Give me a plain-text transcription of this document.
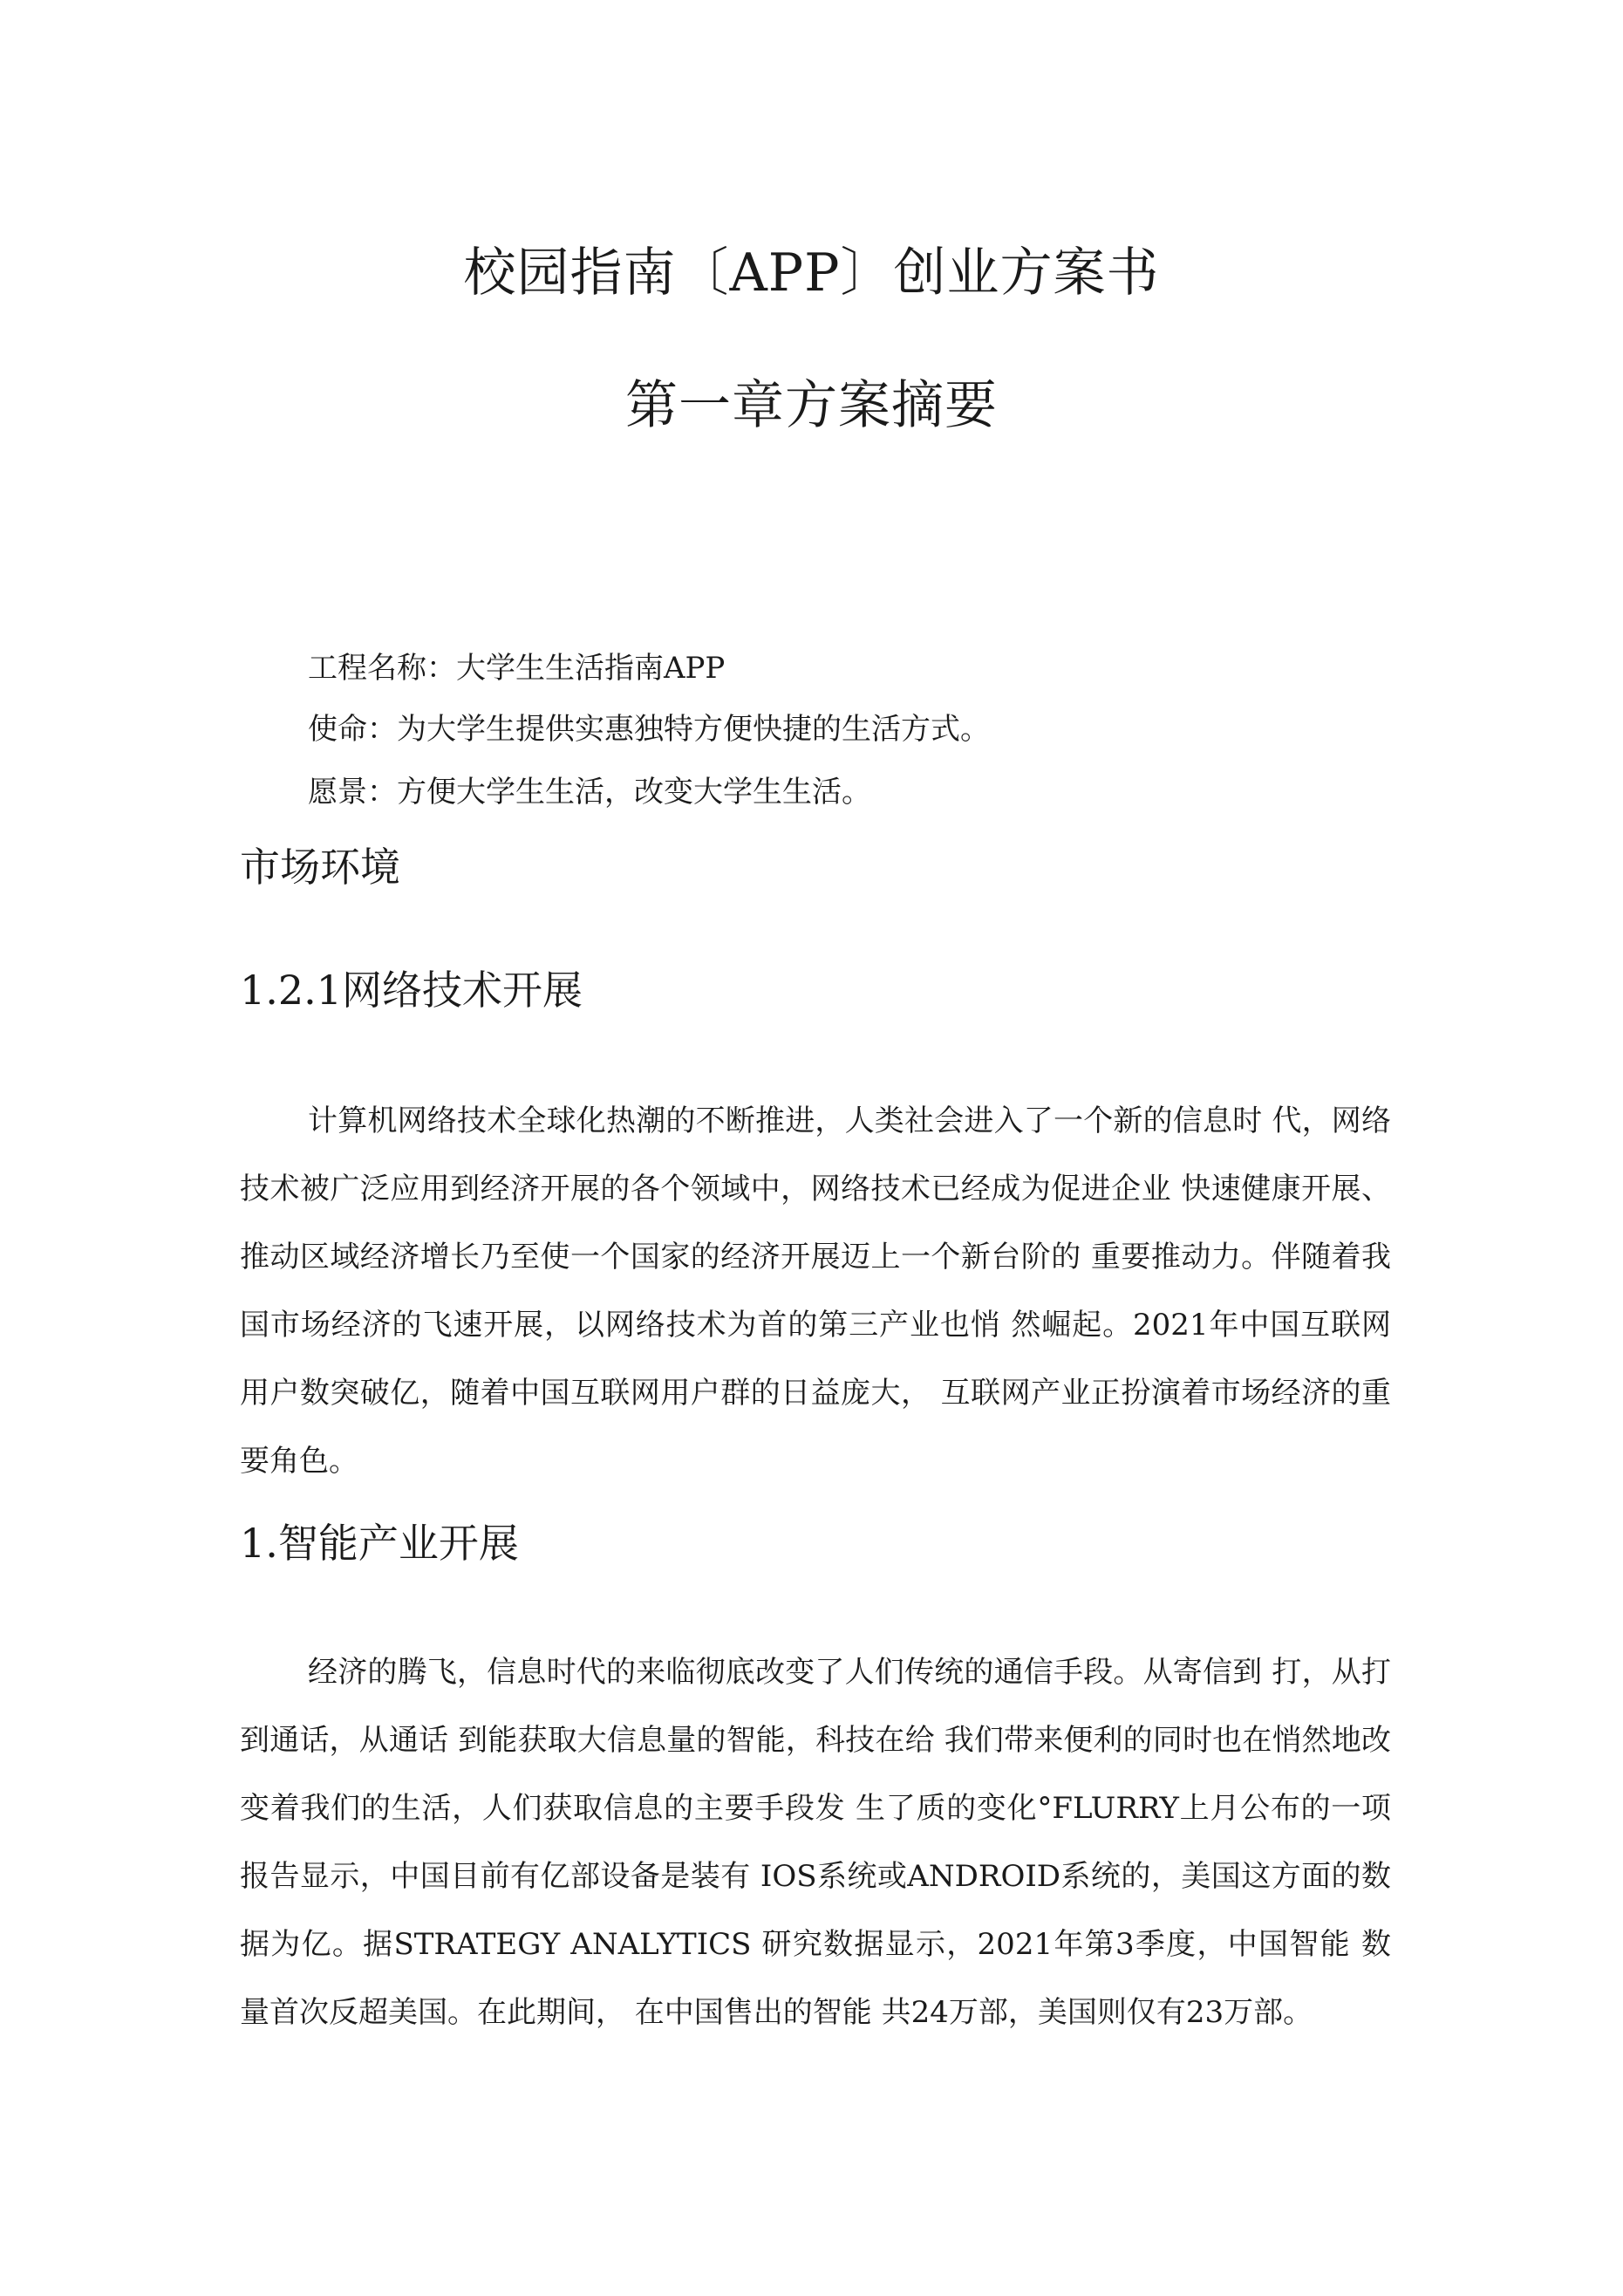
校园指南〔APP〕创业方案书
第一章方案摘要

工程名称：大学生生活指南APP

使命：为大学生提供实惠独特方便快捷的生活方式。

愿景：方便大学生生活，改变大学生生活。

市场环境
1.2.1网络技术开展

计算机网络技术全球化热潮的不断推进，人类社会进入了一个新的信息时 代，网络技术被广泛应用到经济开展的各个领域中，网络技术已经成为促进企业 快速健康开展、推动区域经济增长乃至使一个国家的经济开展迈上一个新台阶的 重要推动力。伴随着我国市场经济的飞速开展，以网络技术为首的第三产业也悄 然崛起。2021年中国互联网用户数突破亿，随着中国互联网用户群的日益庞大， 互联网产业正扮演着市场经济的重要角色。

1.智能产业开展

经济的腾飞，信息时代的来临彻底改变了人们传统的通信手段。从寄信到 打，从打 到通话，从通话 到能获取大信息量的智能，科技在给 我们带来便利的同时也在悄然地改变着我们的生活，人们获取信息的主要手段发 生了质的变化°FLURRY上月公布的一项报告显示，中国目前有亿部设备是装有 IOS系统或ANDROID系统的，美国这方面的数据为亿。据STRATEGY ANALYTICS 研究数据显示，2021年第3季度，中国智能 数量首次反超美国。在此期间， 在中国售出的智能 共24万部，美国则仅有23万部。
